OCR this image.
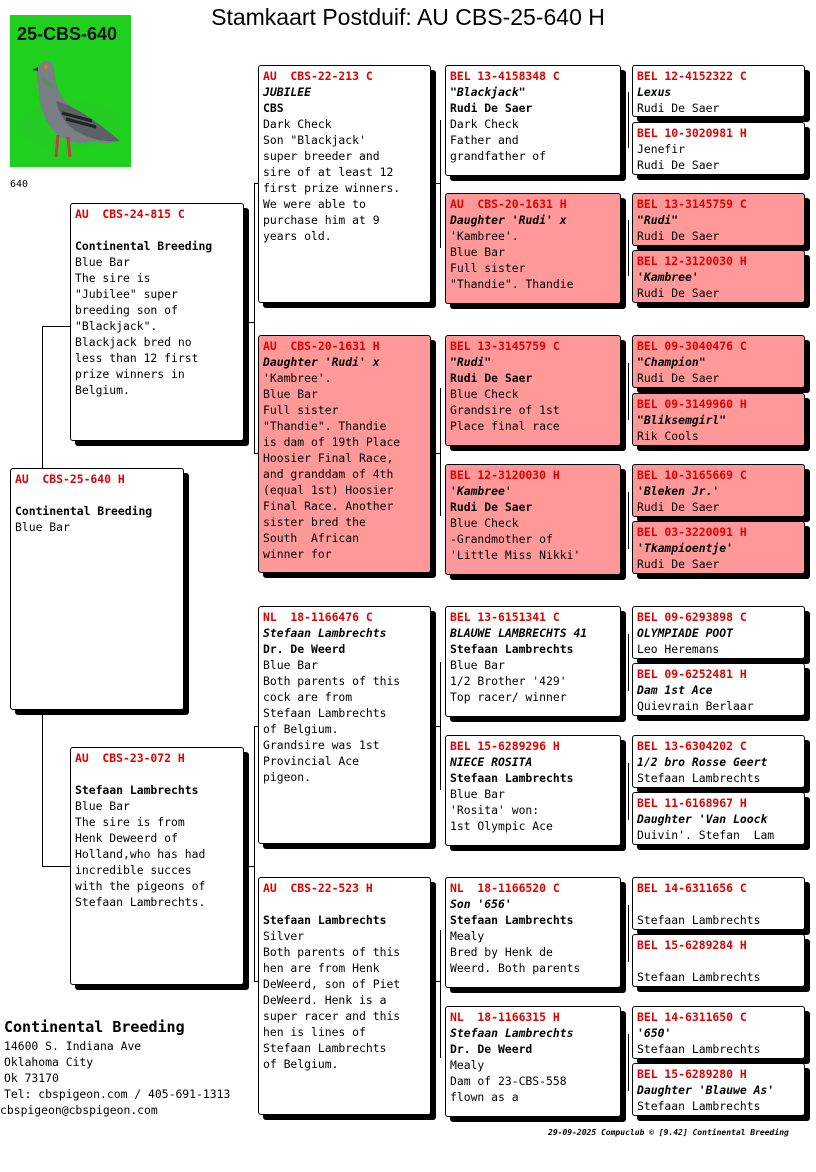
Stamkaart Postduif: AU CBS-25-640 H
25-CBS-640
640
AU  CBS-25-640 H

Continental Breeding
Blue Bar
AU  CBS-24-815 C

Continental Breeding
Blue Bar
The sire is
"Jubilee" super
breeding son of
"Blackjack".
Blackjack bred no
less than 12 first
prize winners in
Belgium.
AU  CBS-23-072 H

Stefaan Lambrechts
Blue Bar
The sire is from
Henk Deweerd of
Holland,who has had
incredible succes
with the pigeons of
Stefaan Lambrechts.
AU  CBS-22-213 C
JUBILEE
CBS
Dark Check
Son "Blackjack'
super breeder and
sire of at least 12
first prize winners.
We were able to
purchase him at 9
years old.
AU  CBS-20-1631 H
Daughter 'Rudi' x
'Kambree'.
Blue Bar
Full sister
"Thandie". Thandie
is dam of 19th Place
Hoosier Final Race,
and granddam of 4th
(equal 1st) Hoosier
Final Race. Another
sister bred the
South  African
winner for
NL  18-1166476 C
Stefaan Lambrechts
Dr. De Weerd
Blue Bar
Both parents of this
cock are from
Stefaan Lambrechts
of Belgium.
Grandsire was 1st
Provincial Ace
pigeon.
AU  CBS-22-523 H

Stefaan Lambrechts
Silver
Both parents of this
hen are from Henk
DeWeerd, son of Piet
DeWeerd. Henk is a
super racer and this
hen is lines of
Stefaan Lambrechts
of Belgium.
BEL 13-4158348 C
"Blackjack"
Rudi De Saer
Dark Check
Father and
grandfather of
AU  CBS-20-1631 H
Daughter 'Rudi' x
'Kambree'.
Blue Bar
Full sister
"Thandie". Thandie
BEL 13-3145759 C
"Rudi"
Rudi De Saer
Blue Check
Grandsire of 1st
Place final race
BEL 12-3120030 H
'Kambree'
Rudi De Saer
Blue Check
-Grandmother of
'Little Miss Nikki'
BEL 13-6151341 C
BLAUWE LAMBRECHTS 41
Stefaan Lambrechts
Blue Bar
1/2 Brother '429'
Top racer/ winner
BEL 15-6289296 H
NIECE ROSITA
Stefaan Lambrechts
Blue Bar
'Rosita' won:
1st Olympic Ace
NL  18-1166520 C
Son '656'
Stefaan Lambrechts
Mealy
Bred by Henk de
Weerd. Both parents
NL  18-1166315 H
Stefaan Lambrechts
Dr. De Weerd
Mealy
Dam of 23-CBS-558
flown as a
BEL 12-4152322 C
Lexus
Rudi De Saer
BEL 10-3020981 H
Jenefir
Rudi De Saer
BEL 13-3145759 C
"Rudi"
Rudi De Saer
BEL 12-3120030 H
'Kambree'
Rudi De Saer
BEL 09-3040476 C
"Champion"
Rudi De Saer
BEL 09-3149960 H
"Bliksemgirl"
Rik Cools
BEL 10-3165669 C
'Bleken Jr.'
Rudi De Saer
BEL 03-3220091 H
'Tkampioentje'
Rudi De Saer
BEL 09-6293898 C
OLYMPIADE POOT
Leo Heremans
BEL 09-6252481 H
Dam 1st Ace
Quievrain Berlaar
BEL 13-6304202 C
1/2 bro Rosse Geert
Stefaan Lambrechts
BEL 11-6168967 H
Daughter 'Van Loock
Duivin'. Stefan  Lam
BEL 14-6311656 C

Stefaan Lambrechts
BEL 15-6289284 H

Stefaan Lambrechts
BEL 14-6311650 C
'650'
Stefaan Lambrechts
BEL 15-6289280 H
Daughter 'Blauwe As'
Stefaan Lambrechts
Continental Breeding
14600 S. Indiana Ave
Oklahoma City
Ok 73170
Tel: cbspigeon.com / 405-691-1313
cbspigeon@cbspigeon.com
29-09-2025 Compuclub © [9.42] Continental Breeding
